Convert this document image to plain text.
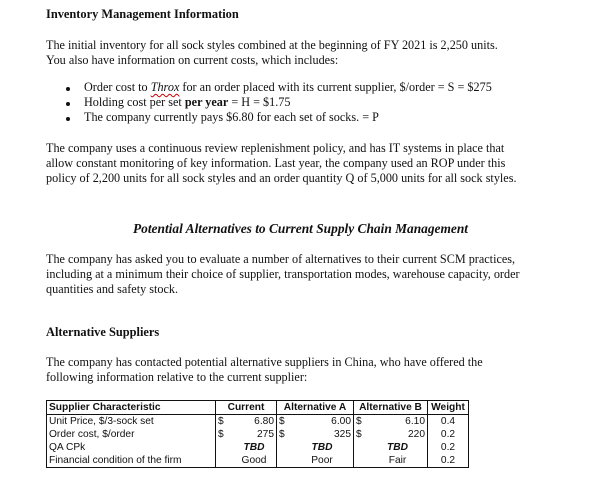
Inventory Management Information
The initial inventory for all sock styles combined at the beginning of FY 2021 is 2,250 units.
You also have information on current costs, which includes:
Order cost to Throx for an order placed with its current supplier, $/order = S = $275
Holding cost per set per year = H = $1.75
The company currently pays $6.80 for each set of socks. = P
The company uses a continuous review replenishment policy, and has IT systems in place that
allow constant monitoring of key information. Last year, the company used an ROP under this
policy of 2,200 units for all sock styles and an order quantity Q of 5,000 units for all sock styles.
Potential Alternatives to Current Supply Chain Management
The company has asked you to evaluate a number of alternatives to their current SCM practices,
including at a minimum their choice of supplier, transportation modes, warehouse capacity, order
quantities and safety stock.
Alternative Suppliers
The company has contacted potential alternative suppliers in China, who have offered the
following information relative to the current supplier:
Supplier Characteristic	Current		Alternative A		Alternative B		Weight
Unit Price, $/3-sock set	$	6.80	$	6.00	$	6.10	0.4
Order cost, $/order	$	275	$	325	$	220	0.2
QA CPk		TBD		TBD		TBD	0.2
Financial condition of the firm		Good		Poor		Fair	0.2
